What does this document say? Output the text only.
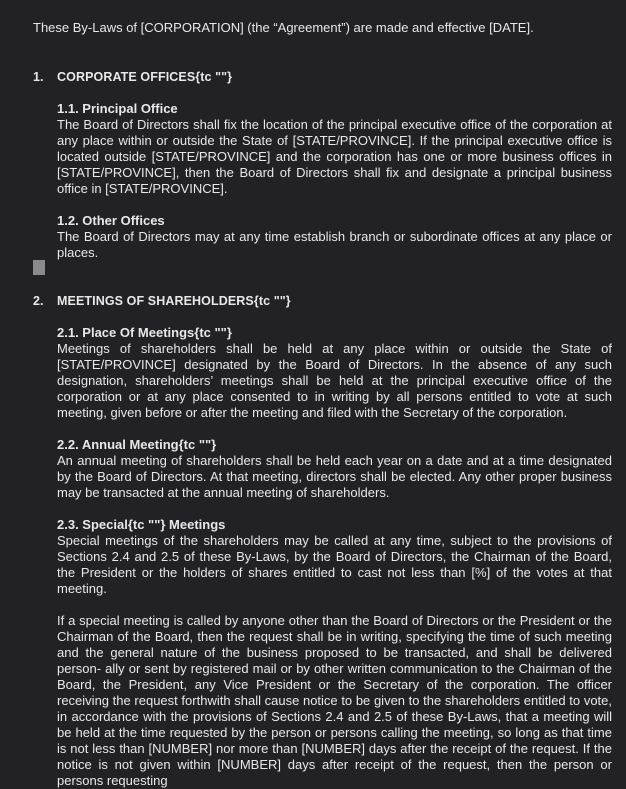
These By-Laws of [CORPORATION] (the “Agreement”) are made and effective [DATE].
1. CORPORATE OFFICES{tc ""}
1.1. Principal Office

The Board of Directors shall fix the location of the principal executive office of the corporation at any place within or outside the State of [STATE/PROVINCE]. If the principal executive office is located outside [STATE/PROVINCE] and the corporation has one or more business offices in [STATE/PROVINCE], then the Board of Directors shall fix and designate a principal business office in [STATE/PROVINCE].

1.2. Other Offices

The Board of Directors may at any time establish branch or subordinate offices at any place or places.

2. MEETINGS OF SHAREHOLDERS{tc ""}
2.1. Place Of Meetings{tc ""}

Meetings of shareholders shall be held at any place within or outside the State of [STATE/PROVINCE] designated by the Board of Directors. In the absence of any such designation, shareholders’ meetings shall be held at the principal executive office of the corporation or at any place consented to in writing by all persons entitled to vote at such meeting, given before or after the meeting and filed with the Secretary of the corporation.

2.2. Annual Meeting{tc ""}

An annual meeting of shareholders shall be held each year on a date and at a time designated by the Board of Directors. At that meeting, directors shall be elected. Any other proper business may be transacted at the annual meeting of shareholders.

2.3. Special{tc ""} Meetings

Special meetings of the shareholders may be called at any time, subject to the provisions of Sections 2.4 and 2.5 of these By-Laws, by the Board of Directors, the Chairman of the Board, the President or the holders of shares entitled to cast not less than [%] of the votes at that meeting.

If a special meeting is called by anyone other than the Board of Directors or the President or the Chairman of the Board, then the request shall be in writing, specifying the time of such meeting and the general nature of the business proposed to be transacted, and shall be delivered person- ally or sent by registered mail or by other written communication to the Chairman of the Board, the President, any Vice President or the Secretary of the corporation. The officer receiving the request forthwith shall cause notice to be given to the shareholders entitled to vote, in accordance with the provisions of Sections 2.4 and 2.5 of these By-Laws, that a meeting will be held at the time requested by the person or persons calling the meeting, so long as that time is not less than [NUMBER] nor more than [NUMBER] days after the receipt of the request. If the notice is not given within [NUMBER] days after receipt of the request, then the person or persons requesting
